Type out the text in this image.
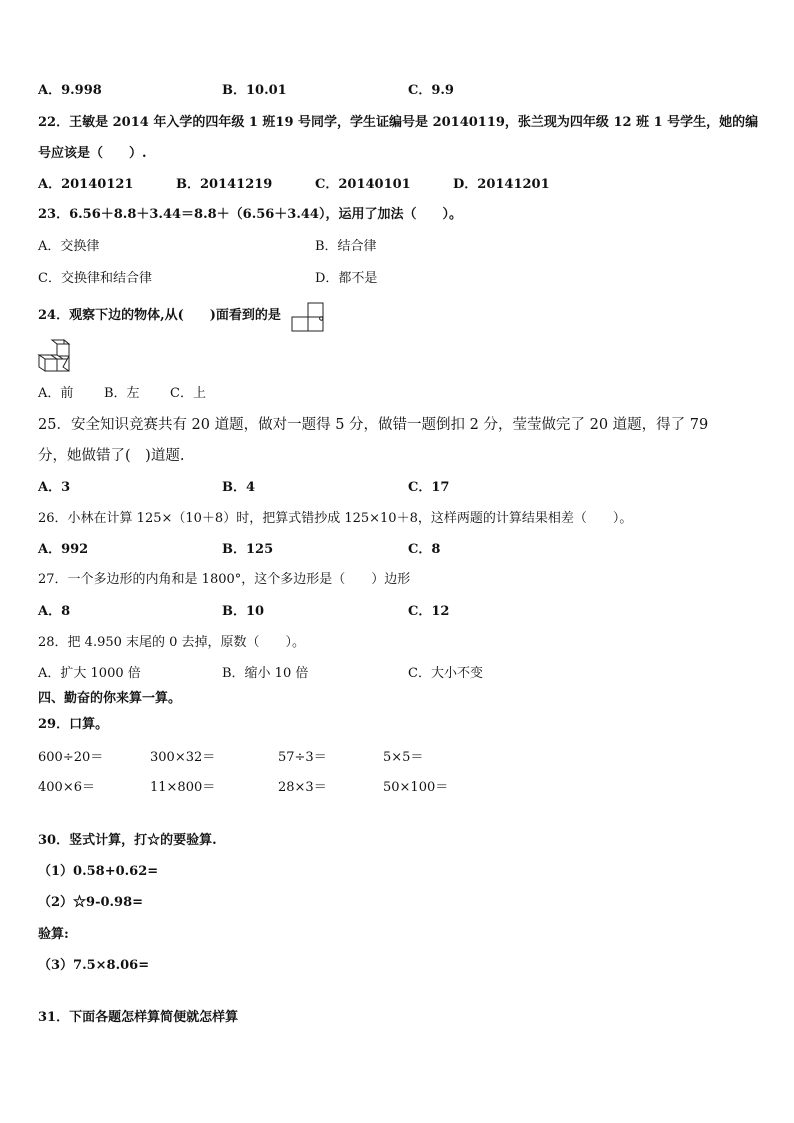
A．9.998	B．10.01	C．9.9
22．王敏是 2014 年入学的四年级 1 班19 号同学，学生证编号是 20140119，张兰现为四年级 12 班 1 号学生，她的编
号应该是（　　）.
A．20140121	B．20141219	C．20140101	D．20141201
23．6.56＋8.8＋3.44＝8.8＋（6.56＋3.44），运用了加法（　　）。
A．交换律	B．结合律
C．交换律和结合律	D．都不是
24．观察下边的物体,从(　　)面看到的是	。
A．前 B．左 C．上
25．安全知识竞赛共有 20 道题，做对一题得 5 分，做错一题倒扣 2 分，莹莹做完了 20 道题，得了 79
分，她做错了(　)道题.
A．3	B．4	C．17
26．小林在计算 125×（10＋8）时，把算式错抄成 125×10＋8，这样两题的计算结果相差（　　）。
A．992	B．125	C．8
27．一个多边形的内角和是 1800°，这个多边形是（　　）边形
A．8	B．10	C．12
28．把 4.950 末尾的 0 去掉，原数（　　）。
A．扩大 1000 倍	B．缩小 10 倍	C．大小不变
四、勤奋的你来算一算。
29．口算。
600÷20＝	300×32＝	57÷3＝	5×5＝
400×6＝	11×800＝	28×3＝	50×100＝
30．竖式计算，打☆的要验算.
（1）0.58+0.62=
（2）☆9-0.98=
验算:
（3）7.5×8.06=
31．下面各题怎样算简便就怎样算
